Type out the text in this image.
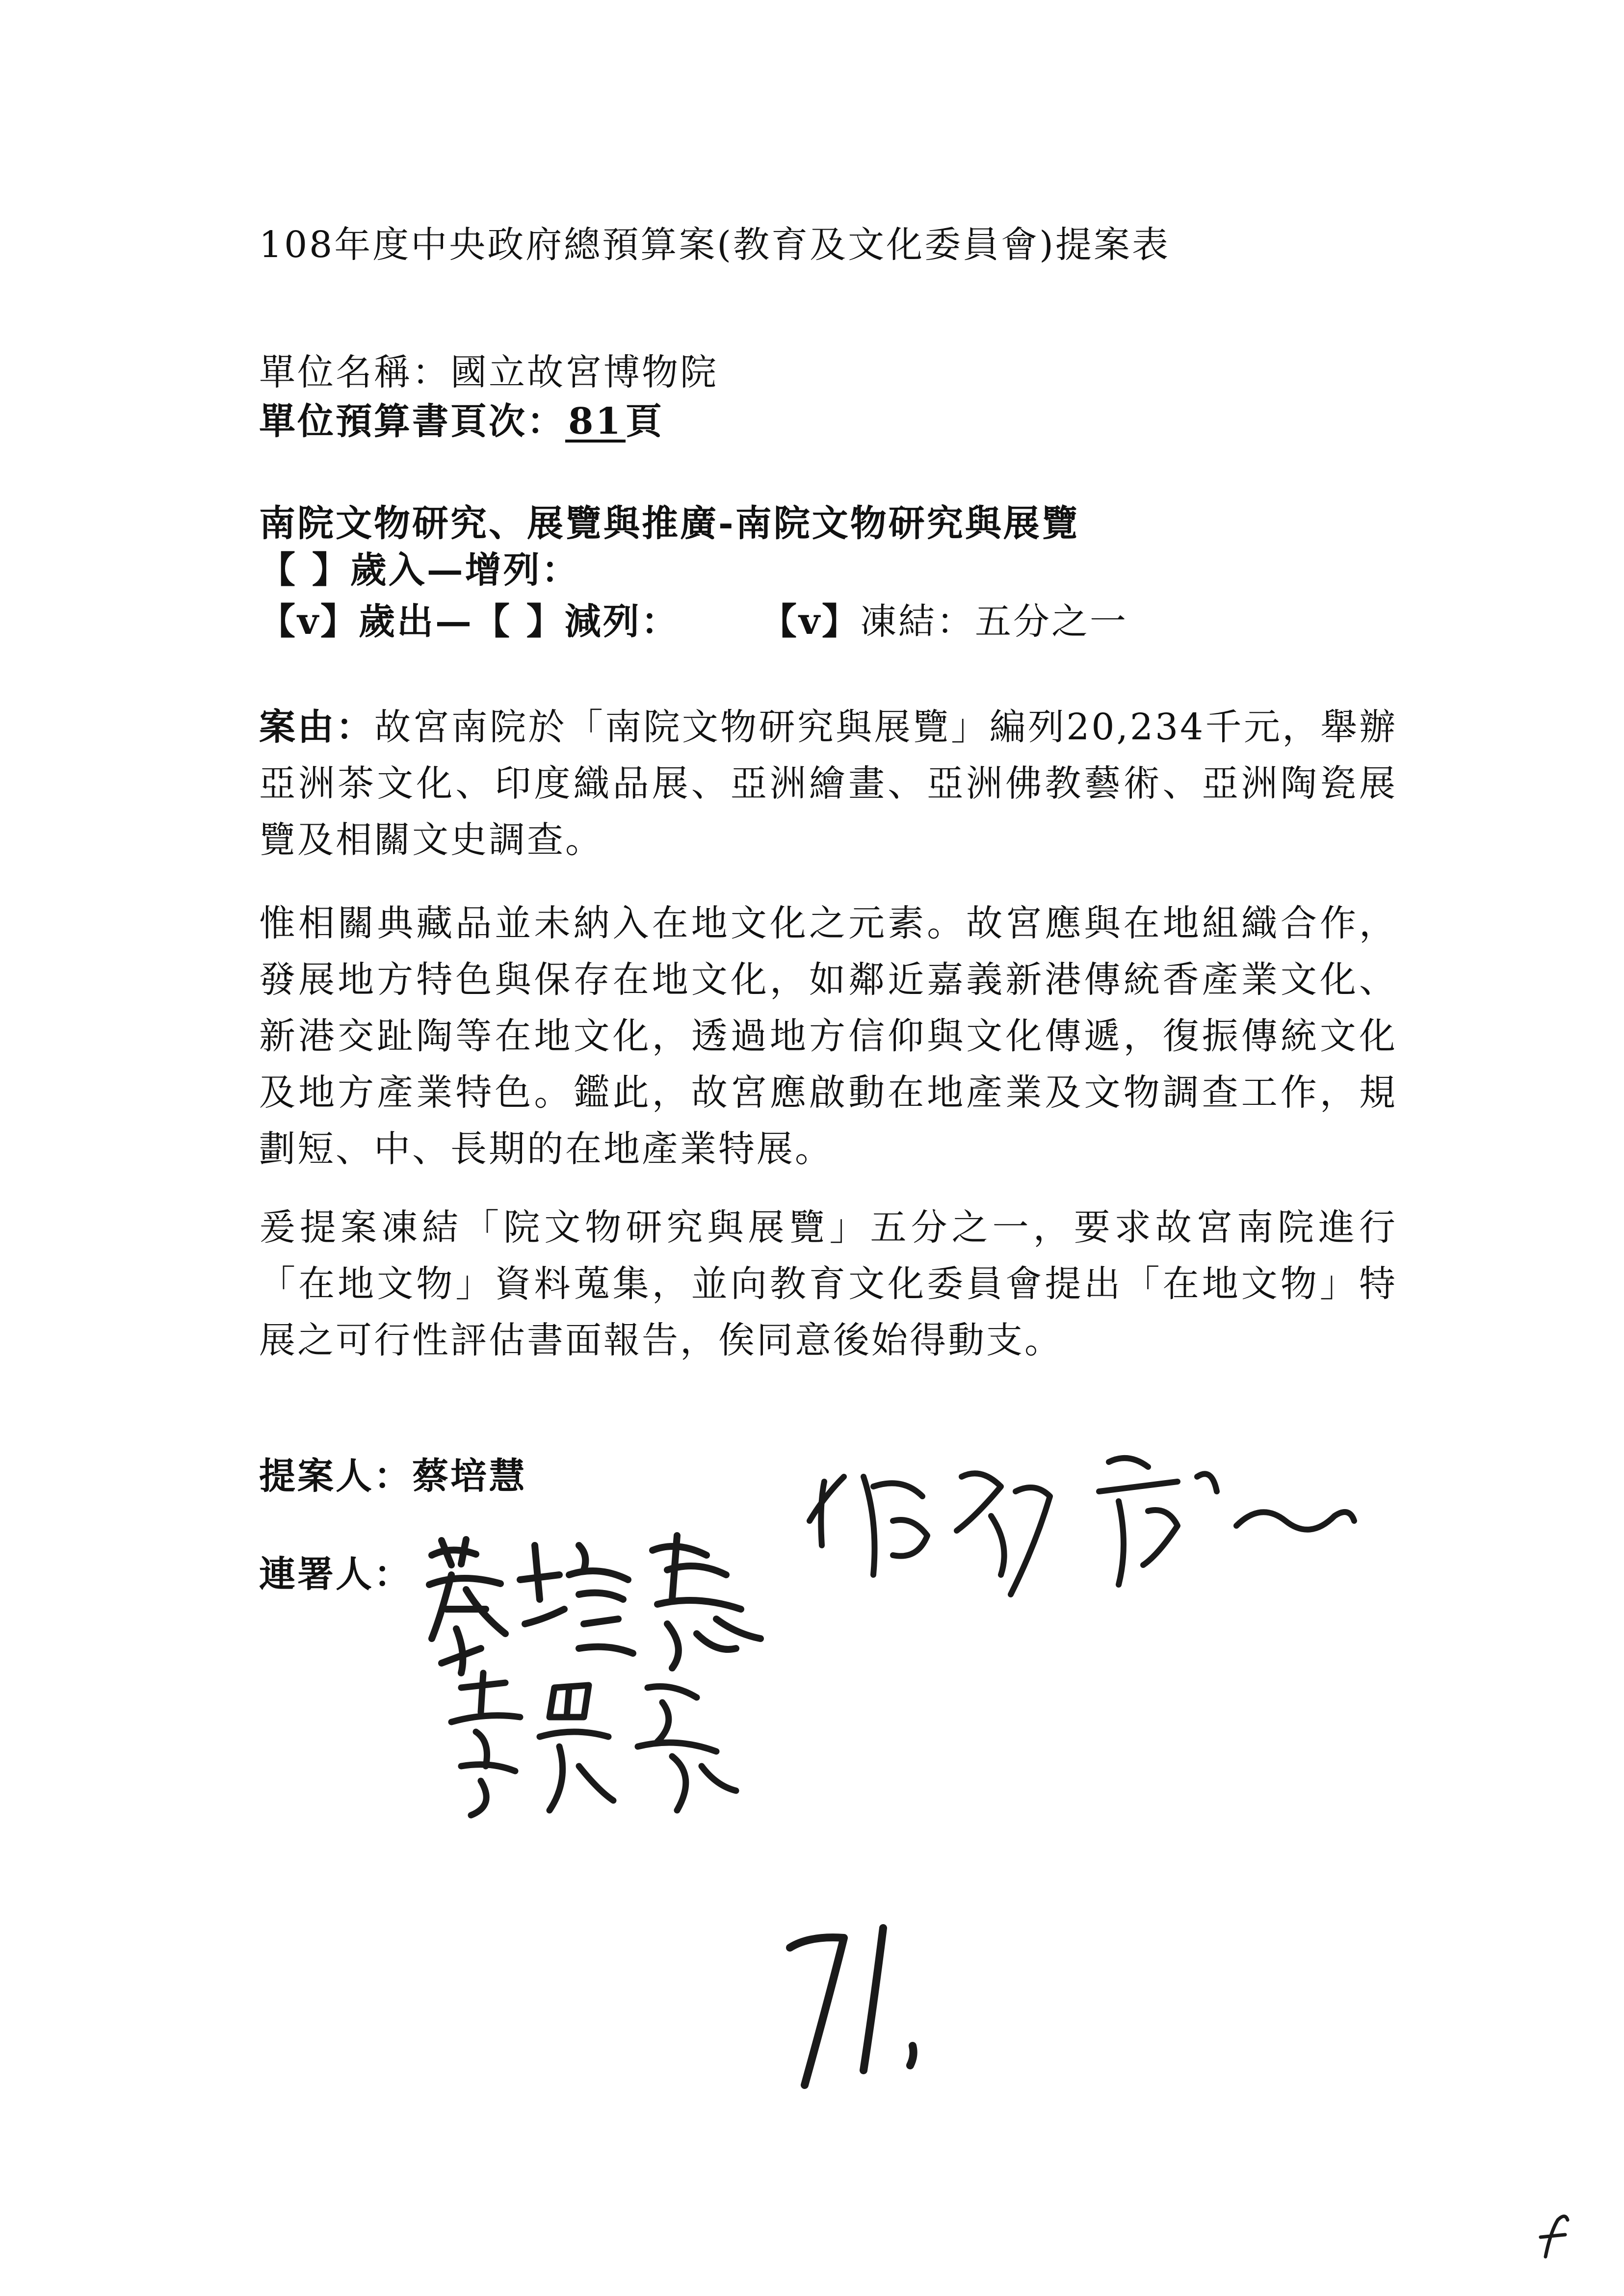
108年度中央政府總預算案(教育及文化委員會)提案表

單位名稱：國立故宮博物院

單位預算書頁次：81頁

南院文物研究、展覽與推廣-南院文物研究與展覽

【 】歲入—增列：

【v】歲出—【 】減列： 【v】凍結：五分之一

案由：故宮南院於「南院文物研究與展覽」編列20,234千元，舉辦亞洲茶文化、印度織品展、亞洲繪畫、亞洲佛教藝術、亞洲陶瓷展覽及相關文史調查。

惟相關典藏品並未納入在地文化之元素。故宮應與在地組織合作，發展地方特色與保存在地文化，如鄰近嘉義新港傳統香產業文化、新港交趾陶等在地文化，透過地方信仰與文化傳遞，復振傳統文化及地方產業特色。鑑此，故宮應啟動在地產業及文物調查工作，規劃短、中、長期的在地產業特展。

爰提案凍結「院文物研究與展覽」五分之一，要求故宮南院進行「在地文物」資料蒐集，並向教育文化委員會提出「在地文物」特展之可行性評估書面報告，俟同意後始得動支。

提案人：蔡培慧

連署人：
